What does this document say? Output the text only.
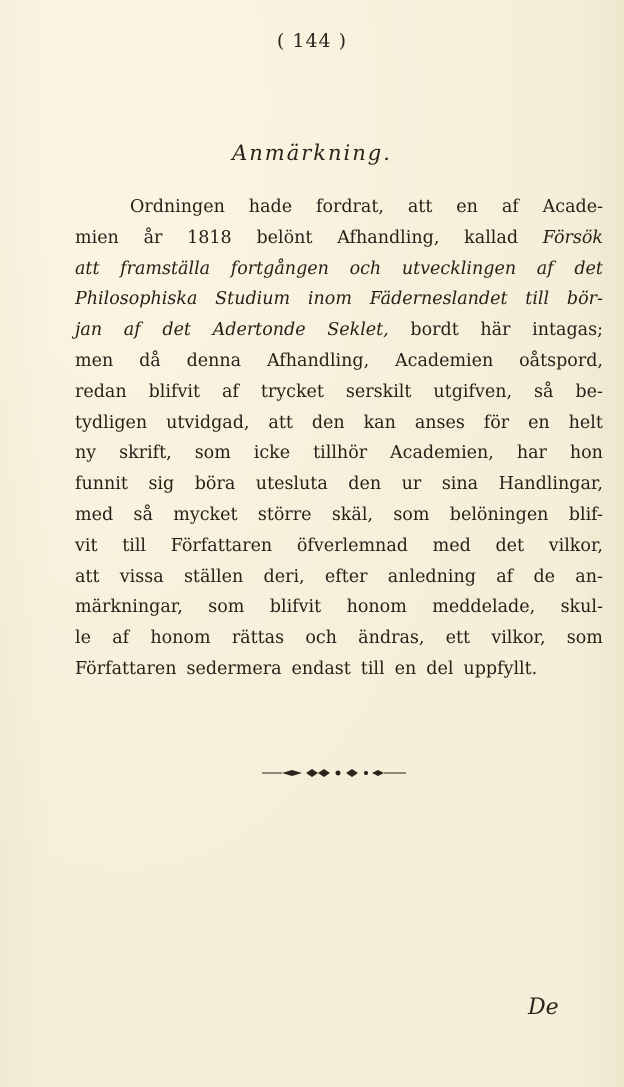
( 144 )
Anmärkning.
Ordningen hade fordrat, att en af Acade-
mien år 1818 belönt Afhandling, kallad Försök
att framställa fortgången och utvecklingen af det
Philosophiska Studium inom Fäderneslandet till bör-
jan af det Adertonde Seklet, bordt här intagas;
men då denna Afhandling, Academien oåtspord,
redan blifvit af trycket serskilt utgifven, så be-
tydligen utvidgad, att den kan anses för en helt
ny skrift, som icke tillhör Academien, har hon
funnit sig böra utesluta den ur sina Handlingar,
med så mycket större skäl, som belöningen blif-
vit till Författaren öfverlemnad med det vilkor,
att vissa ställen deri, efter anledning af de an-
märkningar, som blifvit honom meddelade, skul-
le af honom rättas och ändras, ett vilkor, som
Författaren sedermera endast till en del uppfyllt.
De
